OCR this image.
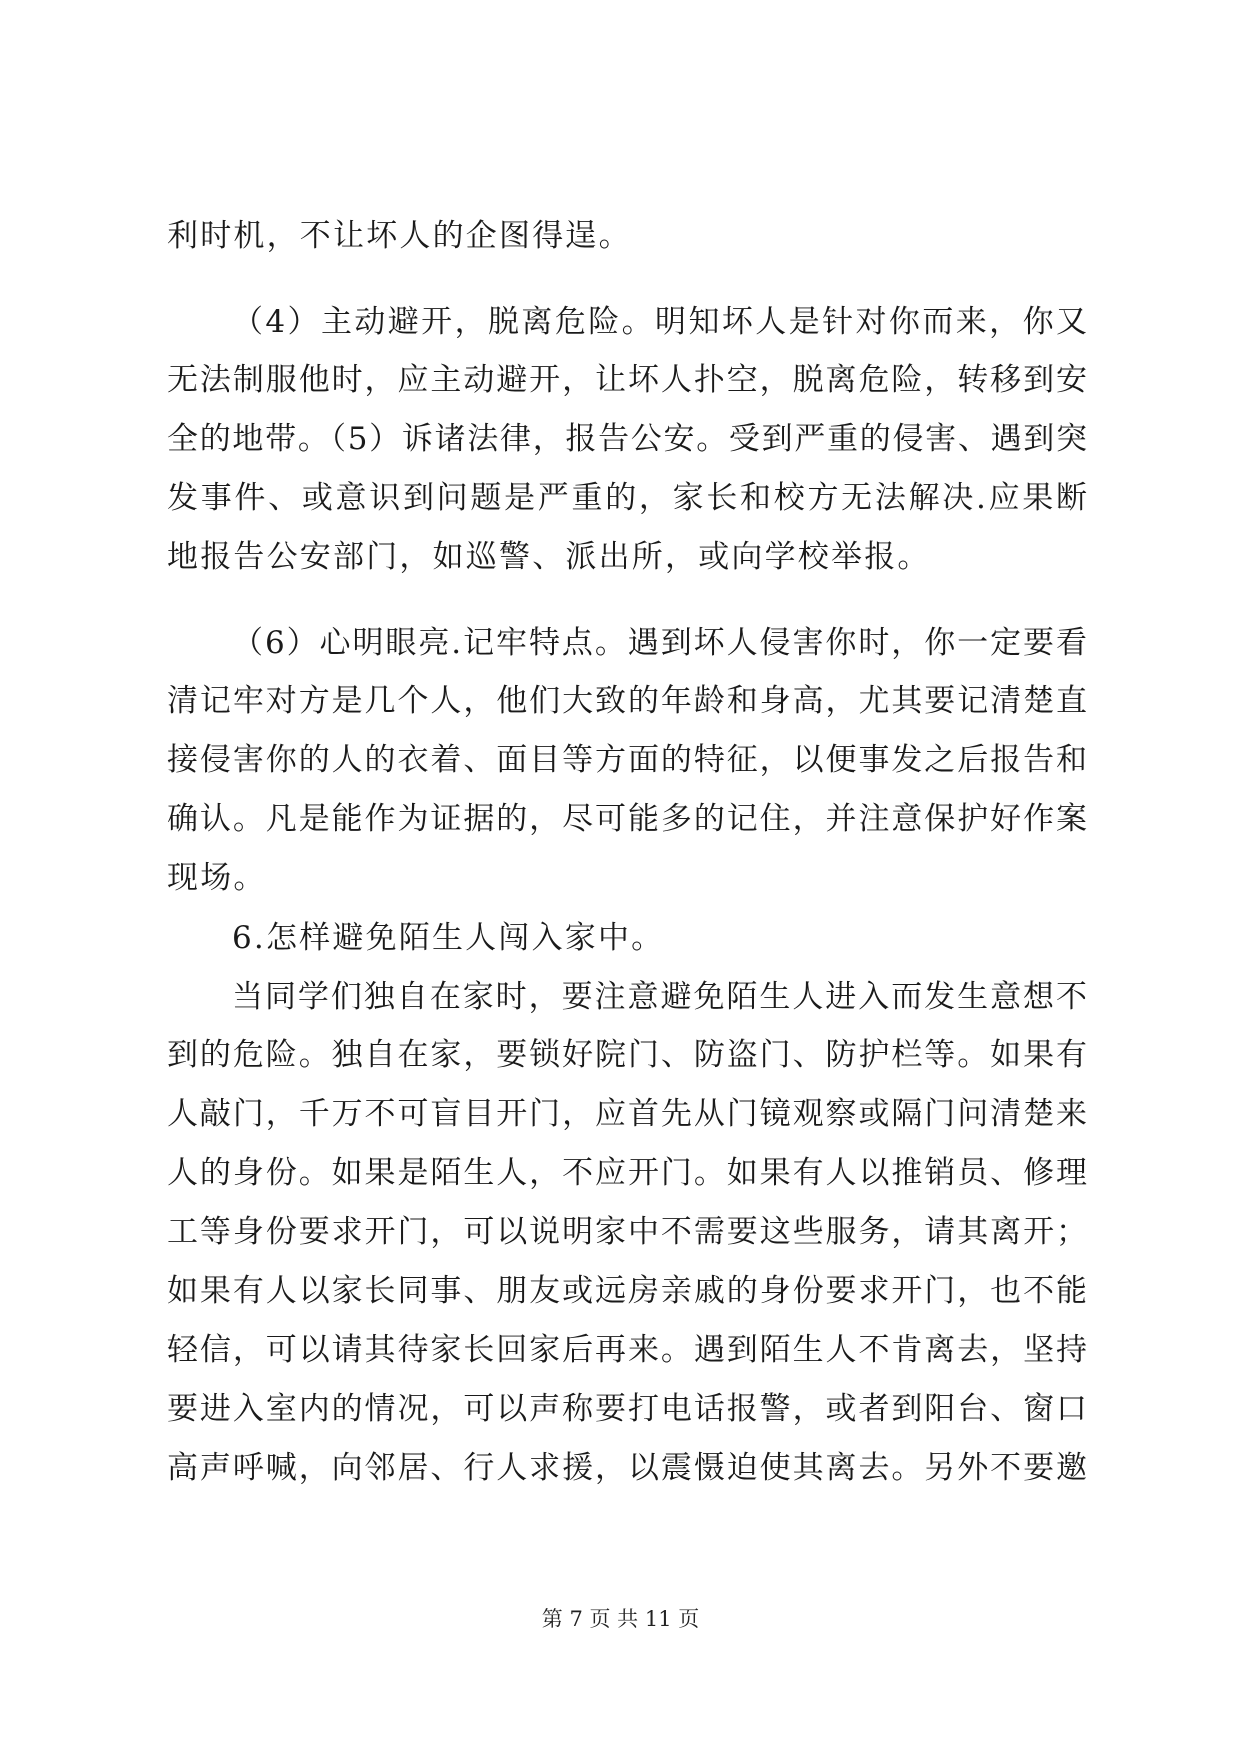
利时机，不让坏人的企图得逞。
（4）主动避开，脱离危险。明知坏人是针对你而来，你又
无法制服他时，应主动避开，让坏人扑空，脱离危险，转移到安
全的地带。（5）诉诸法律，报告公安。受到严重的侵害、遇到突
发事件、或意识到问题是严重的，家长和校方无法解决.应果断
地报告公安部门，如巡警、派出所，或向学校举报。
（6）心明眼亮.记牢特点。遇到坏人侵害你时，你一定要看
清记牢对方是几个人，他们大致的年龄和身高，尤其要记清楚直
接侵害你的人的衣着、面目等方面的特征，以便事发之后报告和
确认。凡是能作为证据的，尽可能多的记住，并注意保护好作案
现场。
6.怎样避免陌生人闯入家中。
当同学们独自在家时，要注意避免陌生人进入而发生意想不
到的危险。独自在家，要锁好院门、防盗门、防护栏等。如果有
人敲门，千万不可盲目开门，应首先从门镜观察或隔门问清楚来
人的身份。如果是陌生人，不应开门。如果有人以推销员、修理
工等身份要求开门，可以说明家中不需要这些服务，请其离开；
如果有人以家长同事、朋友或远房亲戚的身份要求开门，也不能
轻信，可以请其待家长回家后再来。遇到陌生人不肯离去，坚持
要进入室内的情况，可以声称要打电话报警，或者到阳台、窗口
高声呼喊，向邻居、行人求援，以震慑迫使其离去。另外不要邀
第 7 页 共 11 页
